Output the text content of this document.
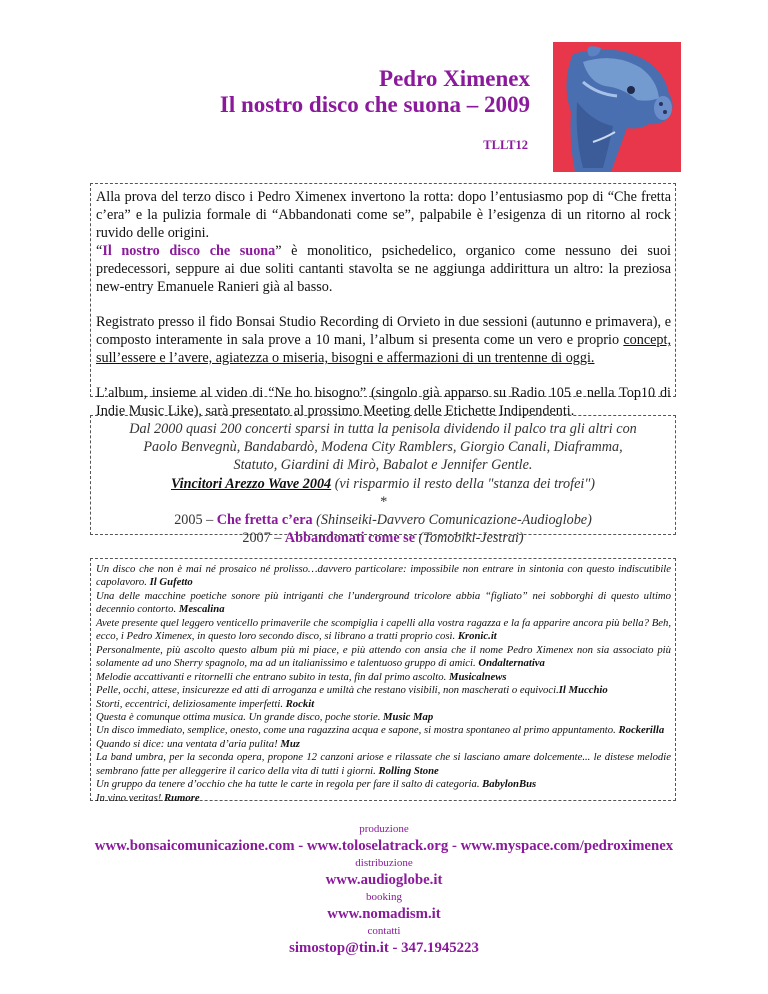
Pedro Ximenex
Il nostro disco che suona – 2009
TLLT12

Alla prova del terzo disco i Pedro Ximenex invertono la rotta: dopo l’entusiasmo pop di “Che fretta c’era” e la pulizia formale di “Abbandonati come se”, palpabile è l’esigenza di un ritorno al rock ruvido delle origini.
“Il nostro disco che suona” è monolitico, psichedelico, organico come nessuno dei suoi predecessori, seppure ai due soliti cantanti stavolta se ne aggiunga addirittura un altro: la preziosa new-entry Emanuele Ranieri già al basso.

Registrato presso il fido Bonsai Studio Recording di Orvieto in due sessioni (autunno e primavera), e composto interamente in sala prove a 10 mani, l’album si presenta come un vero e proprio concept, sull’essere e l’avere, agiatezza o miseria, bisogni e affermazioni di un trentenne di oggi.

L’album, insieme al video di “Ne ho bisogno” (singolo già apparso su Radio 105 e nella Top10 di Indie Music Like), sarà presentato al prossimo Meeting delle Etichette Indipendenti.

Dal 2000 quasi 200 concerti sparsi in tutta la penisola dividendo il palco tra gli altri con
Paolo Benvegnù, Bandabardò, Modena City Ramblers, Giorgio Canali, Diaframma,
Statuto, Giardini di Mirò, Babalot e Jennifer Gentle.
Vincitori Arezzo Wave 2004 (vi risparmio il resto della "stanza dei trofei")
*
2005 – Che fretta c’era (Shinseiki-Davvero Comunicazione-Audioglobe)
2007 – Abbandonati come se (Tomobiki-Jestrai)
Un disco che non è mai né prosaico né prolisso…davvero particolare: impossibile non entrare in sintonia con questo indiscutibile capolavoro. Il Gufetto
Una delle macchine poetiche sonore più intriganti che l’underground tricolore abbia “figliato” nei sobborghi di questo ultimo decennio contorto. Mescalina
Avete presente quel leggero venticello primaverile che scompiglia i capelli alla vostra ragazza e la fa apparire ancora più bella? Beh, ecco, i Pedro Ximenex, in questo loro secondo disco, si librano a tratti proprio così. Kronic.it
Personalmente, più ascolto questo album più mi piace, e più attendo con ansia che il nome Pedro Ximenex non sia associato più solamente ad uno Sherry spagnolo, ma ad un italianissimo e talentuoso gruppo di amici. Ondalternativa
Melodie accattivanti e ritornelli che entrano subito in testa, fin dal primo ascolto. Musicalnews
Pelle, occhi, attese, insicurezze ed atti di arroganza e umiltà che restano visibili, non mascherati o equivoci.Il Mucchio
Storti, eccentrici, deliziosamente imperfetti. Rockit
Questa è comunque ottima musica. Un grande disco, poche storie. Music Map
Un disco immediato, semplice, onesto, come una ragazzina acqua e sapone, si mostra spontaneo al primo appuntamento. Rockerilla
Quando si dice: una ventata d’aria pulita! Muz
La band umbra, per la seconda opera, propone 12 canzoni ariose e rilassate che si lasciano amare dolcemente... le distese melodie sembrano fatte per alleggerire il carico della vita di tutti i giorni. Rolling Stone
Un gruppo da tenere d’occhio che ha tutte le carte in regola per fare il salto di categoria. BabylonBus
In vino veritas! Rumore
produzione
www.bonsaicomunicazione.com - www.toloselatrack.org - www.myspace.com/pedroximenex
distribuzione
www.audioglobe.it
booking
www.nomadism.it
contatti
simostop@tin.it - 347.1945223
